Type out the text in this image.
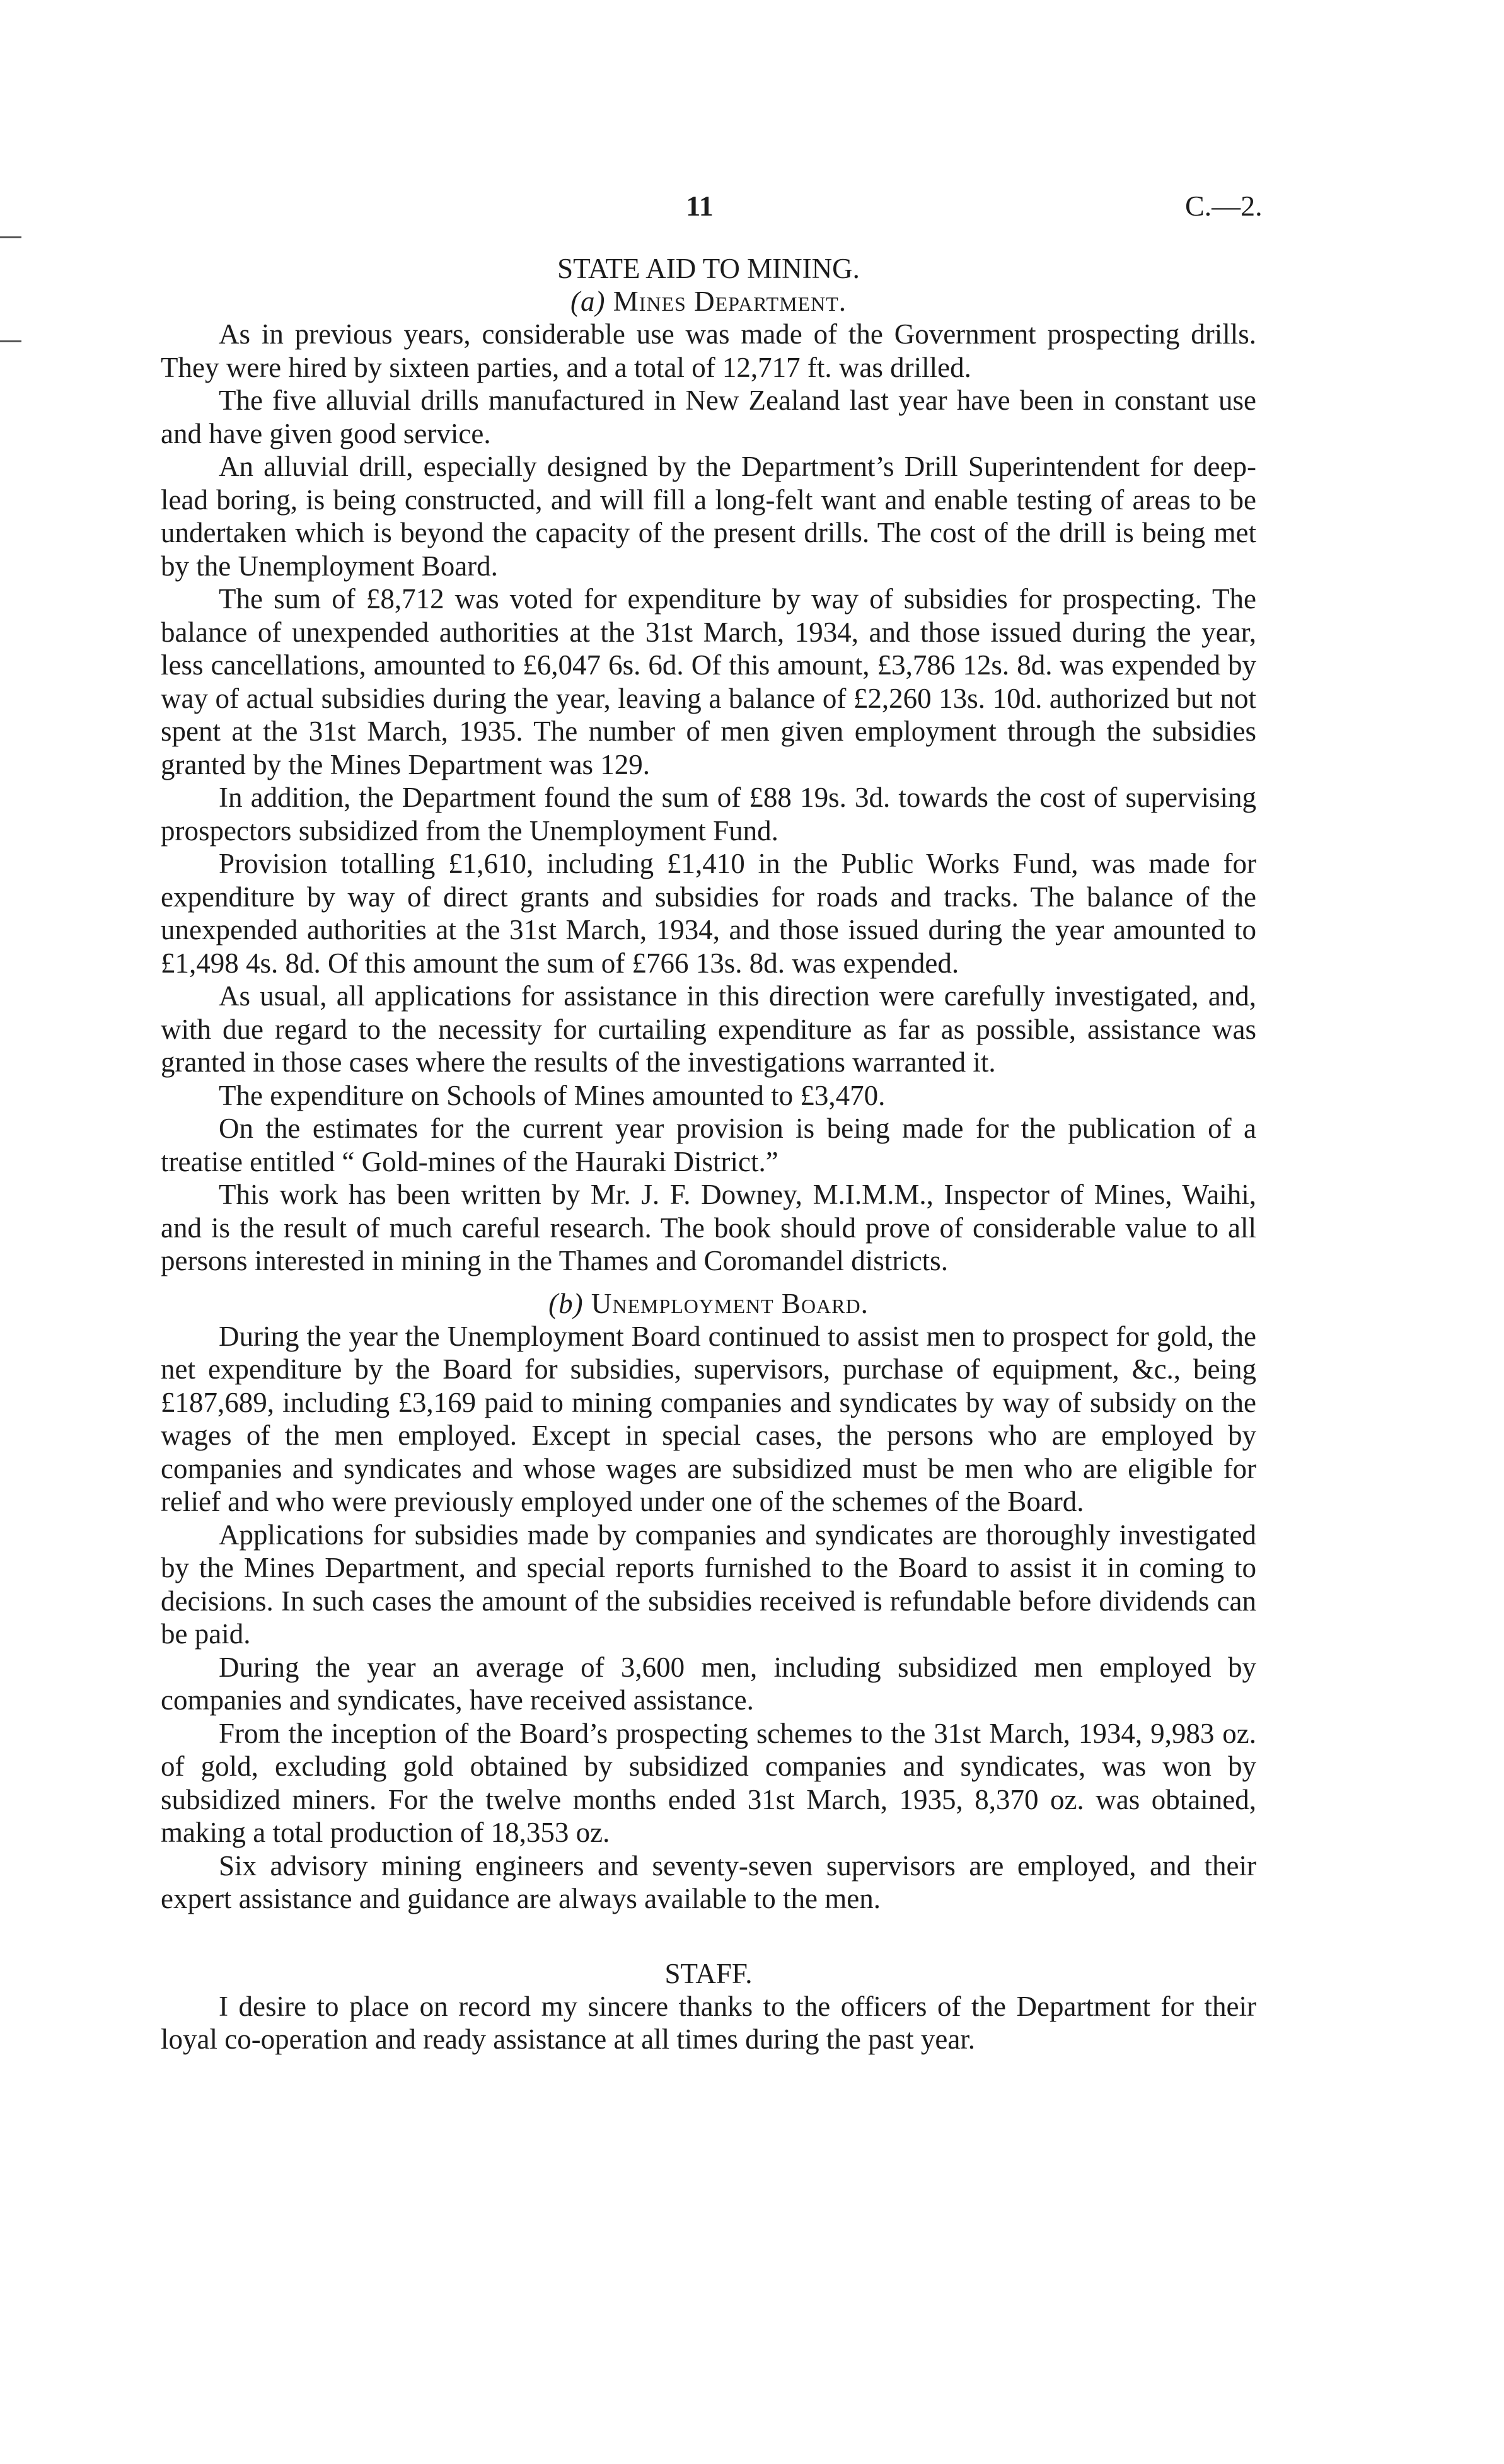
11	C.—2.
STATE AID TO MINING.
(a) Mines Department.

As in previous years, considerable use was made of the Government prospecting drills. They were hired by sixteen parties, and a total of 12,717 ft. was drilled.

The five alluvial drills manufactured in New Zealand last year have been in constant use and have given good service.

An alluvial drill, especially designed by the Department’s Drill Superintendent for deep-lead boring, is being constructed, and will fill a long-felt want and enable testing of areas to be undertaken which is beyond the capacity of the present drills. The cost of the drill is being met by the Unemployment Board.

The sum of £8,712 was voted for expenditure by way of subsidies for prospecting. The balance of unexpended authorities at the 31st March, 1934, and those issued during the year, less cancellations, amounted to £6,047 6s. 6d. Of this amount, £3,786 12s. 8d. was expended by way of actual subsidies during the year, leaving a balance of £2,260 13s. 10d. authorized but not spent at the 31st March, 1935. The number of men given employment through the subsidies granted by the Mines Department was 129.

In addition, the Department found the sum of £88 19s. 3d. towards the cost of supervising prospectors subsidized from the Unemployment Fund.

Provision totalling £1,610, including £1,410 in the Public Works Fund, was made for expenditure by way of direct grants and subsidies for roads and tracks. The balance of the unexpended authorities at the 31st March, 1934, and those issued during the year amounted to £1,498 4s. 8d. Of this amount the sum of £766 13s. 8d. was expended.

As usual, all applications for assistance in this direction were carefully investigated, and, with due regard to the necessity for curtailing expenditure as far as possible, assistance was granted in those cases where the results of the investigations warranted it.

The expenditure on Schools of Mines amounted to £3,470.

On the estimates for the current year provision is being made for the publication of a treatise entitled “ Gold-mines of the Hauraki District.”

This work has been written by Mr. J. F. Downey, M.I.M.M., Inspector of Mines, Waihi, and is the result of much careful research. The book should prove of considerable value to all persons interested in mining in the Thames and Coromandel districts.

(b) Unemployment Board.

During the year the Unemployment Board continued to assist men to prospect for gold, the net expenditure by the Board for subsidies, supervisors, purchase of equipment, &c., being £187,689, including £3,169 paid to mining companies and syndicates by way of subsidy on the wages of the men employed. Except in special cases, the persons who are employed by companies and syndicates and whose wages are subsidized must be men who are eligible for relief and who were previously employed under one of the schemes of the Board.

Applications for subsidies made by companies and syndicates are thoroughly investigated by the Mines Department, and special reports furnished to the Board to assist it in coming to decisions. In such cases the amount of the subsidies received is refundable before dividends can be paid.

During the year an average of 3,600 men, including subsidized men employed by companies and syndicates, have received assistance.

From the inception of the Board’s prospecting schemes to the 31st March, 1934, 9,983 oz. of gold, excluding gold obtained by subsidized companies and syndicates, was won by subsidized miners. For the twelve months ended 31st March, 1935, 8,370 oz. was obtained, making a total production of 18,353 oz.

Six advisory mining engineers and seventy-seven supervisors are employed, and their expert assistance and guidance are always available to the men.

STAFF.

I desire to place on record my sincere thanks to the officers of the Department for their loyal co-operation and ready assistance at all times during the past year.
